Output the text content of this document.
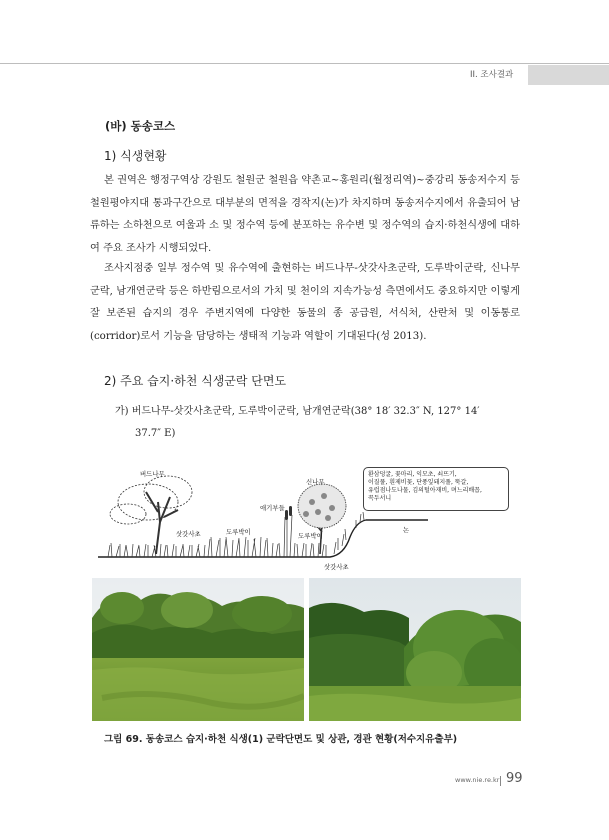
II. 조사결과
(바) 동송코스
1) 식생현황

본 권역은 행정구역상 강원도 철원군 철원읍 약촌교~홍원리(월정리역)~중강리 동송저수지 등 철원평야지대 통과구간으로 대부분의 면적을 경작지(논)가 차지하며 동송저수지에서 유출되어 남류하는 소하천으로 여울과 소 및 정수역 등에 분포하는 유수변 및 정수역의 습지·하천식생에 대하여 주요 조사가 시행되었다.

조사지점중 일부 정수역 및 유수역에 출현하는 버드나무-삿갓사초군락, 도루박이군락, 신나무군락, 남개연군락 등은 하반림으로서의 가치 및 천이의 지속가능성 측면에서도 중요하지만 이렇게 잘 보존된 습지의 경우 주변지역에 다양한 동물의 종 공급원, 서식처, 산란처 및 이동통로(corridor)로서 기능을 담당하는 생태적 기능과 역할이 기대된다(성 2013).

2) 주요 습지·하천 식생군락 단면도
가) 버드나무-삿갓사초군락, 도루박이군락, 남개연군락(38° 18′ 32.3″ N, 127° 14′
37.7″ E)
버드나무
삿갓사초	도루박이
애기부들
신나무
도루박이
삿갓사초
논
환삼덩굴, 꽃마리, 익모초, 쇠뜨기,
이질풀, 흰제비꽃, 단풍잎돼지풀, 뚝갈,
유럽점나도나물, 김의털아재비, 며느리배꼽,
꼭두서니
그림 69. 동송코스 습지·하천 식생(1) 군락단면도 및 상관, 경관 현황(저수지유출부)
www.nie.re.kr 99
